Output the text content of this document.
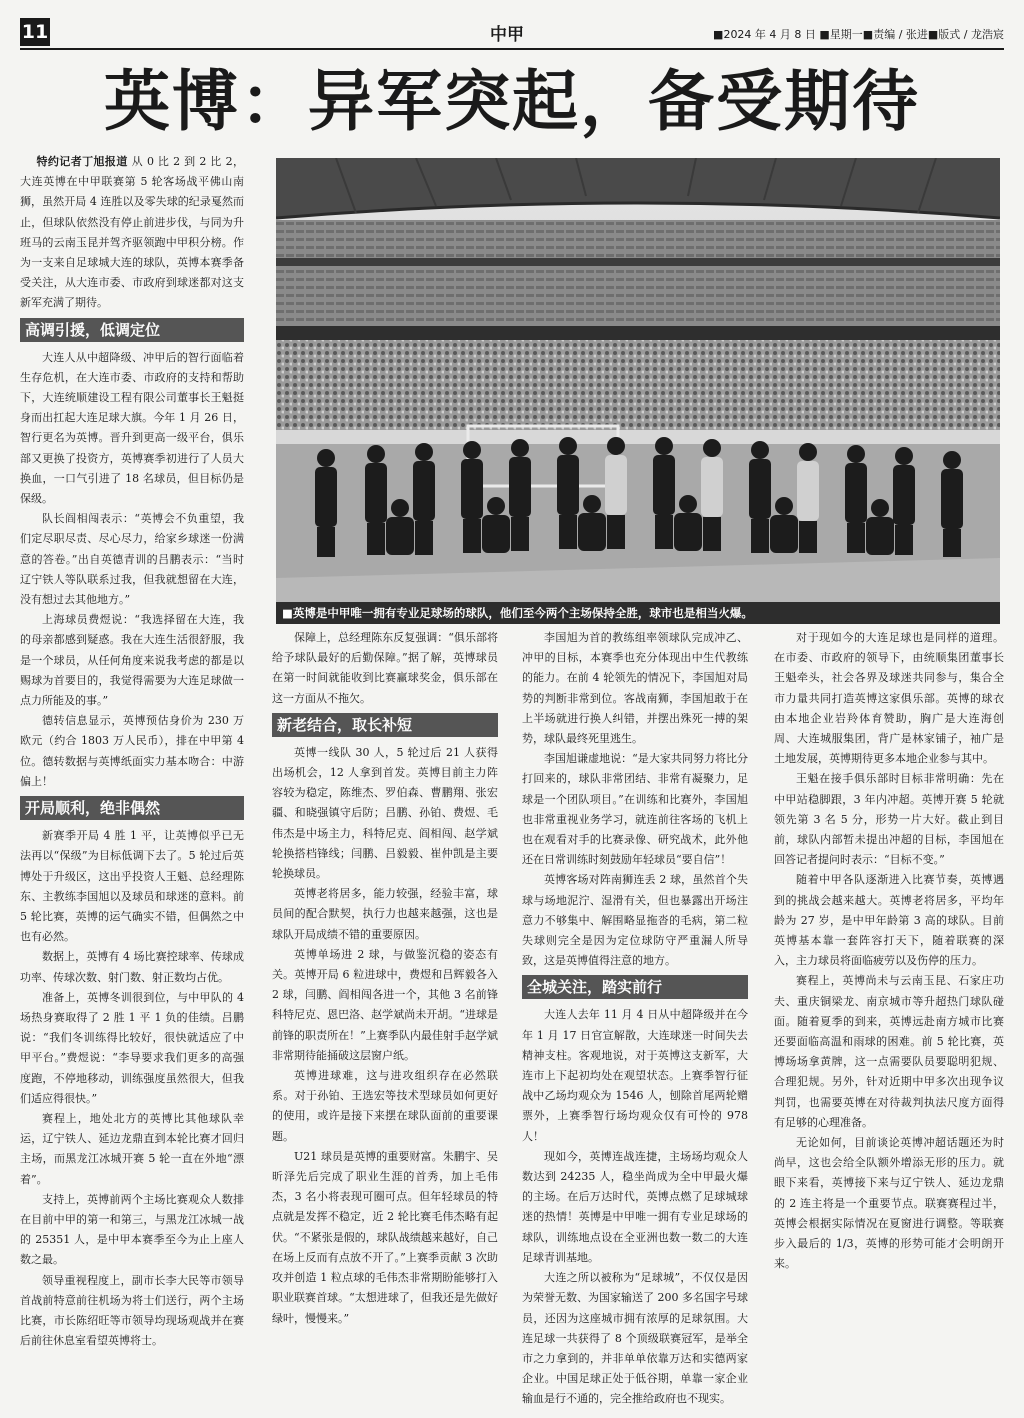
11	中甲	■2024 年 4 月 8 日 ■星期一■责编 / 张进■版式 / 龙浩宸
英博：异军突起，备受期待
■英博是中甲唯一拥有专业足球场的球队，他们至今两个主场保持全胜，球市也是相当火爆。

特约记者丁旭报道 从 0 比 2 到 2 比 2，大连英博在中甲联赛第 5 轮客场战平佛山南狮，虽然开局 4 连胜以及零失球的纪录戛然而止，但球队依然没有停止前进步伐，与同为升班马的云南玉昆并驾齐驱领跑中甲积分榜。作为一支来自足球城大连的球队，英博本赛季备受关注，从大连市委、市政府到球迷都对这支新军充满了期待。

高调引援，低调定位

大连人从中超降级、冲甲后的智行面临着生存危机，在大连市委、市政府的支持和帮助下，大连统顺建设工程有限公司董事长王魁挺身而出扛起大连足球大旗。今年 1 月 26 日，智行更名为英博。晋升到更高一级平台，俱乐部又更换了投资方，英博赛季初进行了人员大换血，一口气引进了 18 名球员，但目标仍是保级。

队长阎相闯表示：“英博会不负重望，我们定尽职尽责、尽心尽力，给家乡球迷一份满意的答卷。”出自英德青训的吕鹏表示：“当时辽宁铁人等队联系过我，但我就想留在大连，没有想过去其他地方。”

上海球员费煜说：“我选择留在大连，我的母亲都感到疑惑。我在大连生活很舒服，我是一个球员，从任何角度来说我考虑的都是以赐球为首要目的，我觉得需要为大连足球做一点力所能及的事。”

德转信息显示，英博预估身价为 230 万欧元（约合 1803 万人民币），排在中甲第 4 位。德转数据与英博纸面实力基本吻合：中游偏上！

开局顺利，绝非偶然

新赛季开局 4 胜 1 平，让英博似乎已无法再以“保级”为目标低调下去了。5 轮过后英博处于升级区，这出乎投资人王魁、总经理陈东、主教练李国旭以及球员和球迷的意料。前 5 轮比赛，英博的运气确实不错，但偶然之中也有必然。

数据上，英博有 4 场比赛控球率、传球成功率、传球次数、射门数、射正数均占优。

准备上，英博冬训很到位，与中甲队的 4 场热身赛取得了 2 胜 1 平 1 负的佳绩。吕鹏说：“我们冬训练得比较好，很快就适应了中甲平台。”费煜说：“李导要求我们更多的高强度跑，不停地移动，训练强度虽然很大，但我们适应得很快。”

赛程上，地处北方的英博比其他球队幸运，辽宁铁人、延边龙鼎直到本轮比赛才回归主场，而黑龙江冰城开赛 5 轮一直在外地“漂着”。

支持上，英博前两个主场比赛观众人数排在目前中甲的第一和第三，与黑龙江冰城一战的 25351 人，是中甲本赛季至今为止上座人数之最。

领导重视程度上，副市长李大民等市领导首战前特意前往机场为将士们送行，两个主场比赛，市长陈绍旺等市领导均现场观战并在赛后前往休息室看望英博将士。

保障上，总经理陈东反复强调：“俱乐部将给予球队最好的后勤保障。”据了解，英博球员在第一时间就能收到比赛赢球奖金，俱乐部在这一方面从不拖欠。

新老结合，取长补短

英博一线队 30 人，5 轮过后 21 人获得出场机会，12 人拿到首发。英博目前主力阵容较为稳定，陈维杰、罗伯森、曹鹏翔、张宏疆、和晓强镇守后防；吕鹏、孙铂、费煜、毛伟杰是中场主力，科特尼克、阎相闯、赵学斌轮换搭档锋线；闫鹏、吕毅毅、崔仲凯是主要轮换球员。

英博老将居多，能力较强，经验丰富，球员间的配合默契，执行力也越来越强，这也是球队开局成绩不错的重要原因。

英博单场进 2 球，与做鉴沉稳的姿态有关。英博开局 6 粒进球中，费煜和吕辉毅各入 2 球，闫鹏、阎相闯各进一个，其他 3 名前锋科特尼克、恩巴洛、赵学斌尚未开胡。“进球是前锋的职责所在！”上赛季队内最佳射手赵学斌非常期待能捅破这层窗户纸。

英博进球难，这与进攻组织存在必然联系。对于孙铂、王选宏等技术型球员如何更好的使用，或许是接下来摆在球队面前的重要课题。

U21 球员是英博的重要财富。朱鹏宇、吴昕泽先后完成了职业生涯的首秀，加上毛伟杰，3 名小将表现可圈可点。但年轻球员的特点就是发挥不稳定，近 2 轮比赛毛伟杰略有起伏。“不紧张是假的，球队战绩越来越好，自己在场上反而有点放不开了。”上赛季贡献 3 次助攻并创造 1 粒点球的毛伟杰非常期盼能够打入职业联赛首球。“太想进球了，但我还是先做好绿叶，慢慢来。”

李国旭为首的教练组率领球队完成冲乙、冲甲的目标，本赛季也充分体现出中生代教练的能力。在前 4 轮领先的情况下，李国旭对局势的判断非常到位。客战南狮，李国旭敢于在上半场就进行换人纠错，并摆出殊死一搏的架势，球队最终死里逃生。

李国旭谦虚地说：“是大家共同努力将比分打回来的，球队非常团结、非常有凝聚力，足球是一个团队项目。”在训练和比赛外，李国旭也非常重视业务学习，就连前往客场的飞机上也在观看对手的比赛录像、研究战术，此外他还在日常训练时刻鼓励年轻球员“要自信”！

英博客场对阵南狮连丢 2 球，虽然首个失球与场地泥泞、湿滑有关，但也暴露出开场注意力不够集中、解围略显拖沓的毛病，第二粒失球则完全是因为定位球防守严重漏人所导致，这是英博值得注意的地方。

全城关注，踏实前行

大连人去年 11 月 4 日从中超降级并在今年 1 月 17 日官宣解散，大连球迷一时间失去精神支柱。客观地说，对于英博这支新军，大连市上下起初均处在观望状态。上赛季智行征战中乙场均观众为 1546 人，刨除首尾两轮赠票外，上赛季智行场均观众仅有可怜的 978 人！

现如今，英博连战连捷，主场场均观众人数达到 24235 人，稳坐尚成为全中甲最火爆的主场。在后万达时代，英博点燃了足球城球迷的热情！英博是中甲唯一拥有专业足球场的球队，训练地点设在全亚洲也数一数二的大连足球青训基地。

大连之所以被称为“足球城”，不仅仅是因为荣誉无数、为国家输送了 200 多名国字号球员，还因为这座城市拥有浓厚的足球氛围。大连足球一共获得了 8 个顶级联赛冠军，是举全市之力拿到的，并非单单依靠万达和实德两家企业。中国足球正处于低谷期，单靠一家企业输血是行不通的，完全推给政府也不现实。

对于现如今的大连足球也是同样的道理。在市委、市政府的领导下，由统顺集团董事长王魁牵头，社会各界及球迷共同参与，集合全市力量共同打造英博这家俱乐部。英博的球衣由本地企业岩羚体育赞助，胸广是大连海创周、大连城服集团，背广是林家铺子，袖广是土地发展，英博期待更多本地企业参与其中。

王魁在接手俱乐部时目标非常明确：先在中甲站稳脚跟，3 年内冲超。英博开赛 5 轮就领先第 3 名 5 分，形势一片大好。截止到目前，球队内部暂未提出冲超的目标，李国旭在回答记者提问时表示：“目标不变。”

随着中甲各队逐渐进入比赛节奏，英博遇到的挑战会越来越大。英博老将居多，平均年龄为 27 岁，是中甲年龄第 3 高的球队。目前英博基本靠一套阵容打天下，随着联赛的深入，主力球员将面临疲劳以及伤停的压力。

赛程上，英博尚未与云南玉昆、石家庄功夫、重庆铜梁龙、南京城市等升超热门球队碰面。随着夏季的到来，英博远赴南方城市比赛还要面临高温和雨球的困难。前 5 轮比赛，英博场场拿黄牌，这一点需要队员要聪明犯规、合理犯规。另外，针对近期中甲多次出现争议判罚，也需要英博在对待裁判执法尺度方面得有足够的心理准备。

无论如何，目前谈论英博冲超话题还为时尚早，这也会给全队额外增添无形的压力。就眼下来看，英博接下来与辽宁铁人、延边龙鼎的 2 连主将是一个重要节点。联赛赛程过半，英博会根据实际情况在夏窗进行调整。等联赛步入最后的 1/3，英博的形势可能才会明朗开来。
